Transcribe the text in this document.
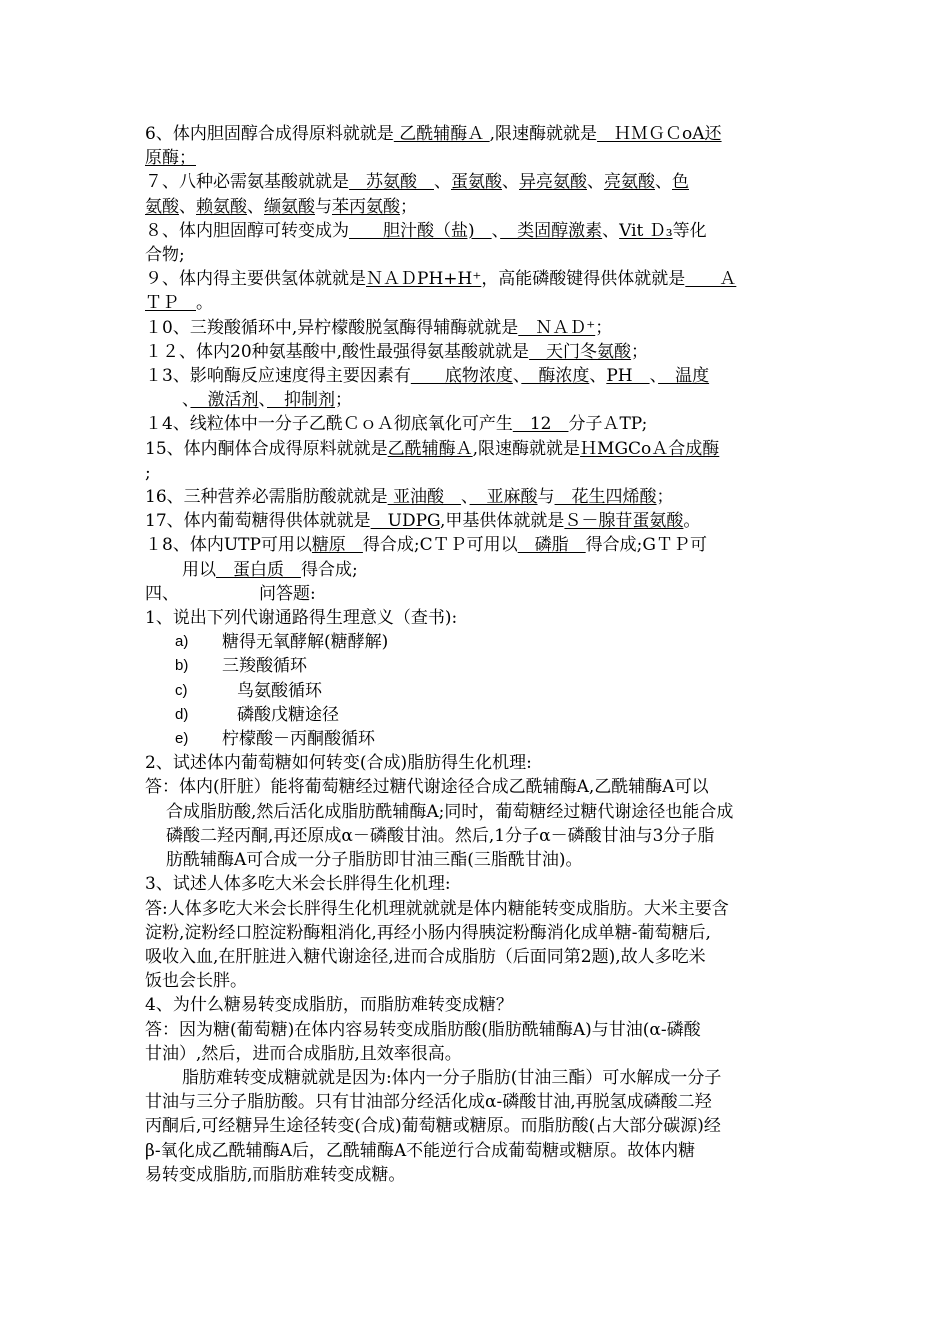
6、体内胆固醇合成得原料就就是 乙酰辅酶Ａ ,限速酶就就是　ＨＭＧＣoA还
原酶；
７、八种必需氨基酸就就是　苏氨酸　、蛋氨酸、异亮氨酸、亮氨酸、色
氨酸、赖氨酸、缬氨酸与苯丙氨酸；
８、体内胆固醇可转变成为　　胆汁酸（盐)　、　类固醇激素、Vit Ｄ₃等化
合物;
９、体内得主要供氢体就就是ＮＡＤPH+H⁺，高能磷酸键得供体就就是　　Ａ
ＴＰ　。
１0、三羧酸循环中,异柠檬酸脱氢酶得辅酶就就是　ＮＡＤ⁺；
１２、体内20种氨基酸中,酸性最强得氨基酸就就是　天门冬氨酸；
１3、影响酶反应速度得主要因素有　　底物浓度、　酶浓度、PH　、　温度
、　激活剂、　抑制剂；
１4、线粒体中一分子乙酰ＣｏＡ彻底氧化可产生　12　分子ＡTP;
15、体内酮体合成得原料就就是乙酰辅酶Ａ,限速酶就就是ＨMGCoＡ合成酶
;
16、三种营养必需脂肪酸就就是 亚油酸　、　亚麻酸与　花生四烯酸；
17、体内葡萄糖得供体就就是　UDPG,甲基供体就就是Ｓ－腺苷蛋氨酸。
１8、体内UTP可用以糖原　得合成;CＴＰ可用以　磷脂　得合成;GＴＰ可
用以　蛋白质　得合成;
四、	问答题:
1、说出下列代谢通路得生理意义（查书):
a)	糖得无氧酵解(糖酵解)
b)	三羧酸循环
c)	鸟氨酸循环
d)	磷酸戊糖途径
e)	柠檬酸－丙酮酸循环
2、试述体内葡萄糖如何转变(合成)脂肪得生化机理:
答：体内(肝脏）能将葡萄糖经过糖代谢途径合成乙酰辅酶A,乙酰辅酶A可以
合成脂肪酸,然后活化成脂肪酰辅酶A;同时，葡萄糖经过糖代谢途径也能合成
磷酸二羟丙酮,再还原成α－磷酸甘油。然后,1分子α－磷酸甘油与3分子脂
肪酰辅酶A可合成一分子脂肪即甘油三酯(三脂酰甘油)。
3、试述人体多吃大米会长胖得生化机理:
答:人体多吃大米会长胖得生化机理就就就是体内糖能转变成脂肪。大米主要含
淀粉,淀粉经口腔淀粉酶粗消化,再经小肠内得胰淀粉酶消化成单糖-葡萄糖后,
吸收入血,在肝脏进入糖代谢途径,进而合成脂肪（后面同第2题),故人多吃米
饭也会长胖。
4、为什么糖易转变成脂肪，而脂肪难转变成糖？
答：因为糖(葡萄糖)在体内容易转变成脂肪酸(脂肪酰辅酶A)与甘油(α-磷酸
甘油）,然后，进而合成脂肪,且效率很高。
脂肪难转变成糖就就是因为:体内一分子脂肪(甘油三酯）可水解成一分子
甘油与三分子脂肪酸。只有甘油部分经活化成α-磷酸甘油,再脱氢成磷酸二羟
丙酮后,可经糖异生途径转变(合成)葡萄糖或糖原。而脂肪酸(占大部分碳源)经
β-氧化成乙酰辅酶A后，乙酰辅酶A不能逆行合成葡萄糖或糖原。故体内糖
易转变成脂肪,而脂肪难转变成糖。
